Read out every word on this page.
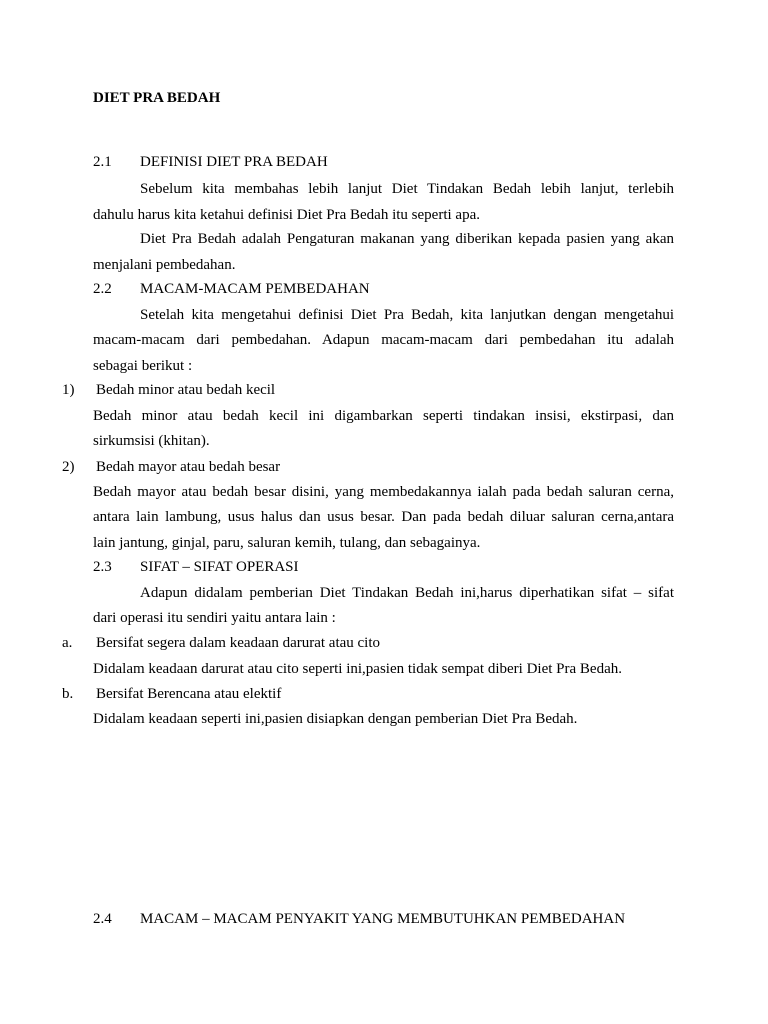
DIET PRA BEDAH
2.1 DEFINISI DIET PRA BEDAH
Sebelum kita membahas lebih lanjut Diet Tindakan Bedah lebih lanjut, terlebih
dahulu harus kita ketahui definisi Diet Pra Bedah itu seperti apa.
Diet Pra Bedah adalah Pengaturan makanan yang diberikan kepada pasien yang akan
menjalani pembedahan.
2.2 MACAM-MACAM PEMBEDAHAN
Setelah kita mengetahui definisi Diet Pra Bedah, kita lanjutkan dengan mengetahui
macam-macam dari pembedahan. Adapun macam-macam dari pembedahan itu adalah
sebagai berikut :
1) Bedah minor atau bedah kecil
Bedah minor atau bedah kecil ini digambarkan seperti tindakan insisi, ekstirpasi, dan
sirkumsisi (khitan).
2) Bedah mayor atau bedah besar
Bedah mayor atau bedah besar disini, yang membedakannya ialah pada bedah saluran cerna,
antara lain lambung, usus halus dan usus besar. Dan pada bedah diluar saluran cerna,antara
lain jantung, ginjal, paru, saluran kemih, tulang, dan sebagainya.
2.3 SIFAT – SIFAT OPERASI
Adapun didalam pemberian Diet Tindakan Bedah ini,harus diperhatikan sifat – sifat
dari operasi itu sendiri yaitu antara lain :
a. Bersifat segera dalam keadaan darurat atau cito
Didalam keadaan darurat atau cito seperti ini,pasien tidak sempat diberi Diet Pra Bedah.
b. Bersifat Berencana atau elektif
Didalam keadaan seperti ini,pasien disiapkan dengan pemberian Diet Pra Bedah.
2.4 MACAM – MACAM PENYAKIT YANG MEMBUTUHKAN PEMBEDAHAN
